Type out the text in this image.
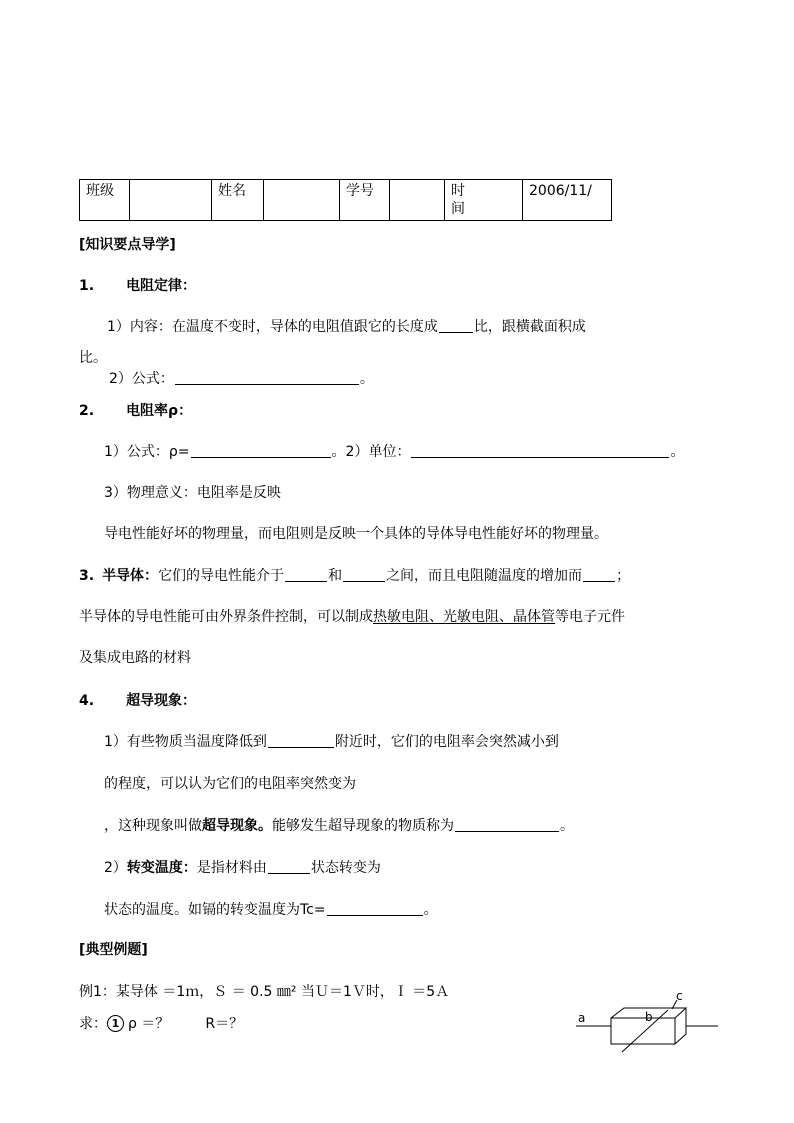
班级		姓名		学号		时
间	2006/11/
[知识要点导学]
1. 电阻定律：
1）内容：在温度不变时，导体的电阻值跟它的长度成	比，跟横截面积成
比。
2）公式：	。
2. 电阻率ρ：
1）公式：ρ=	。2）单位：	。
3）物理意义：电阻率是反映
导电性能好坏的物理量，而电阻则是反映一个具体的导体导电性能好坏的物理量。
3. 半导体：它们的导电性能介于	和	之间，而且电阻随温度的增加而 ；
半导体的导电性能可由外界条件控制，可以制成热敏电阻、光敏电阻、晶体管等电子元件
及集成电路的材料
4. 超导现象：
1）有些物质当温度降低到	附近时，它们的电阻率会突然减小到
的程度，可以认为它们的电阻率突然变为
，这种现象叫做超导现象。能够发生超导现象的物质称为	。
2）转变温度：是指材料由	状态转变为
状态的温度。如镉的转变温度为Tc=	。
[典型例题]
例1：某导体 ＝1ｍ，Ｓ ＝ 0.5 ㎜² 当Ｕ＝1Ｖ时，Ｉ ＝5Ａ
求： 1 ρ ＝？	R＝？	a	b
c
